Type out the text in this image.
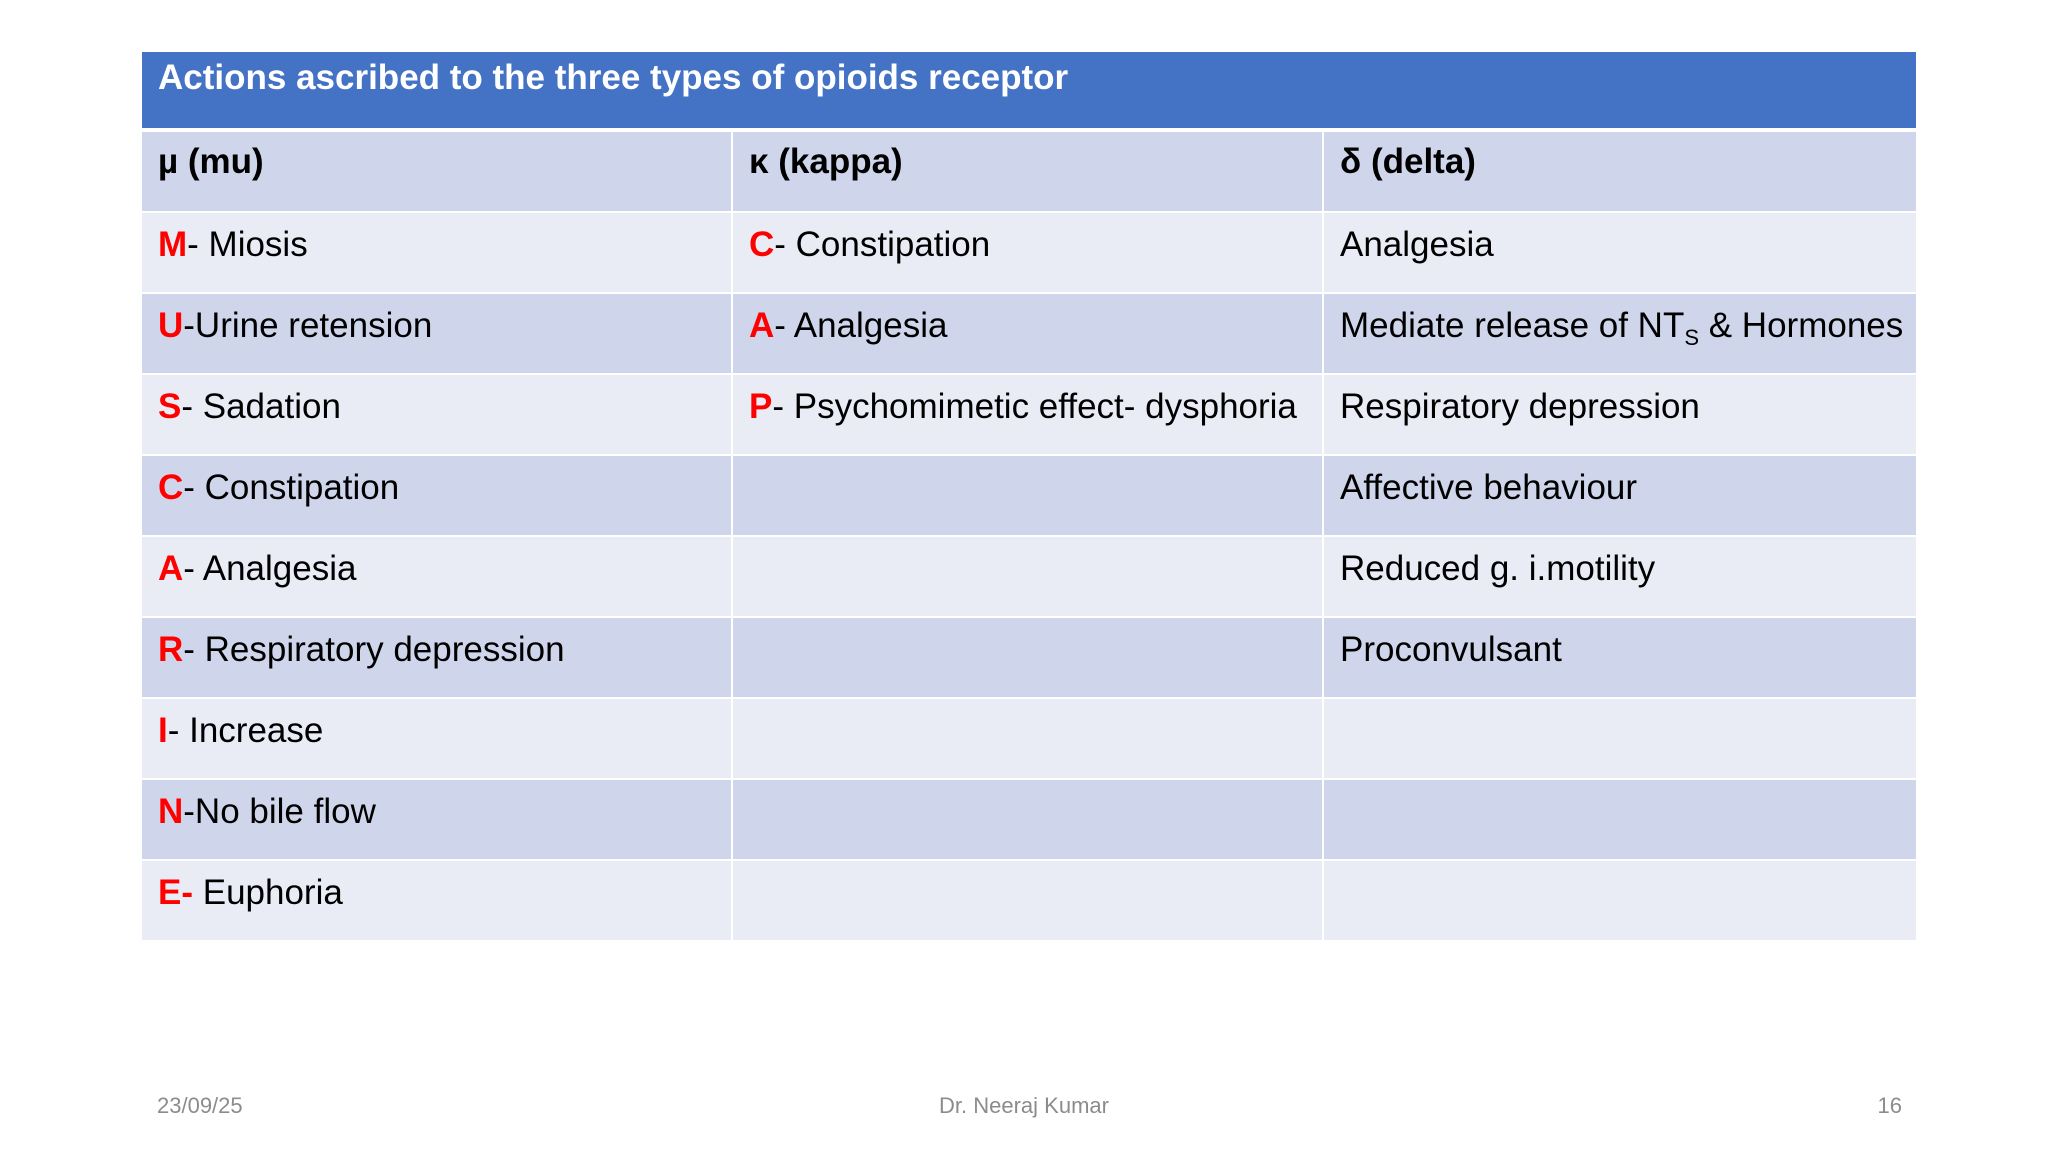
Actions ascribed to the three types of opioids receptor		
µ (mu)	κ (kappa)	δ (delta)
M- Miosis	C- Constipation	Analgesia
U-Urine retension	A- Analgesia	Mediate release of $NT_S$ & Hormones
S- Sadation	P- Psychomimetic effect- dysphoria	Respiratory depression
C- Constipation		Affective behaviour
A- Analgesia		Reduced g. i.motility
R- Respiratory depression		Proconvulsant
I- Increase		
N-No bile flow		
E- Euphoria		
23/09/25	Dr. Neeraj Kumar	16
